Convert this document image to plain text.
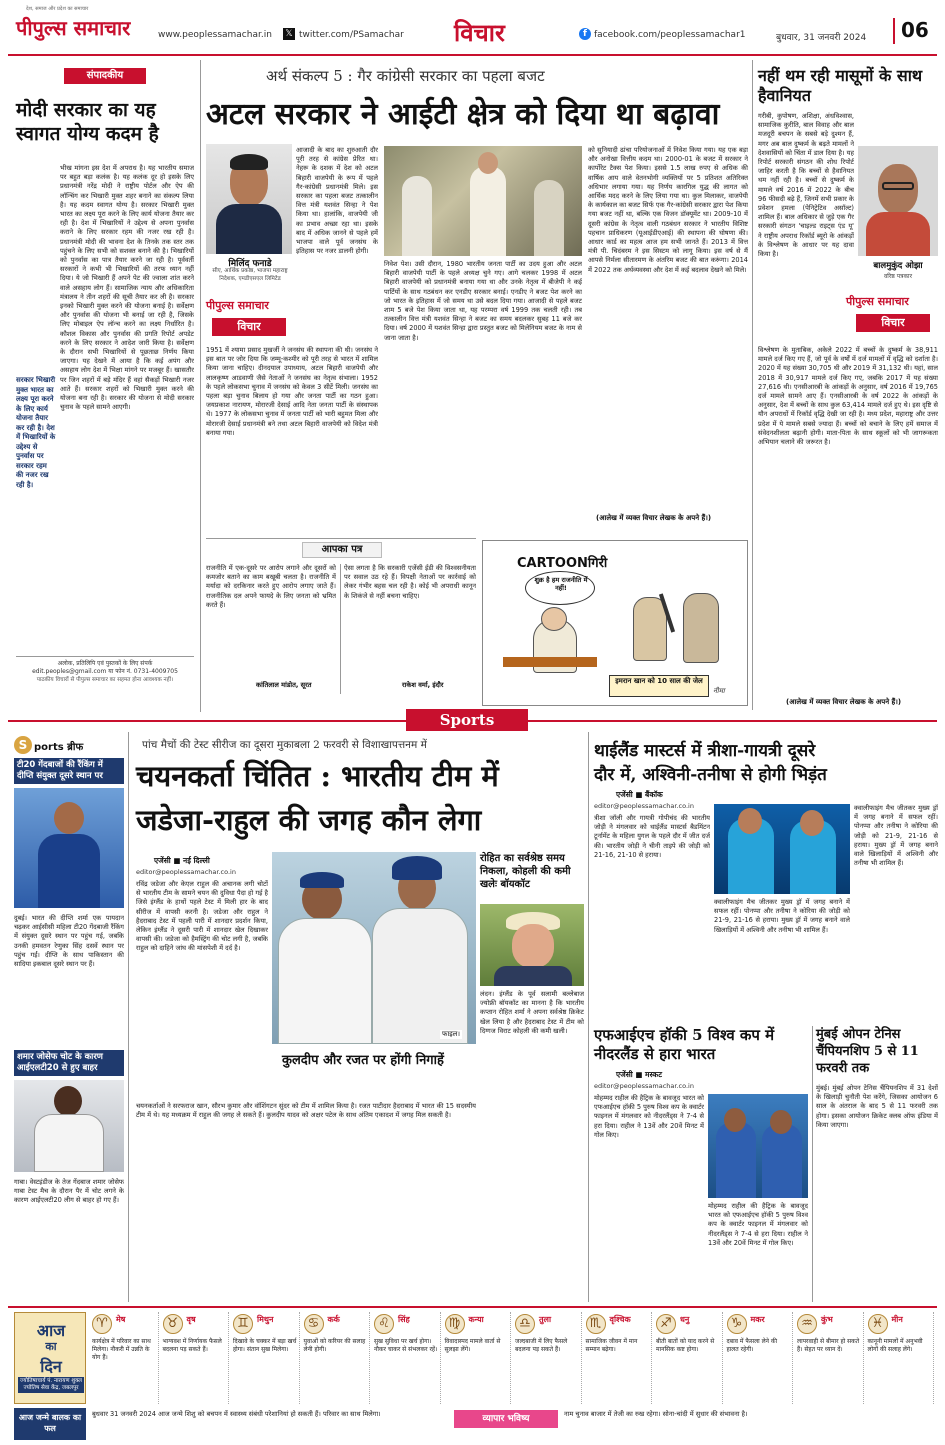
देश, समाज और प्रदेश का समाचार
पीपुल्स समाचार	www.peoplessamachar.in 𝕏 twitter.com/PSamachar विचार	f facebook.com/peoplessamachar1	बुधवार, 31 जनवरी 2024	06
संपादकीय
मोदी सरकार का यह स्वागत योग्य कदम है
भीख मांगना इस देश में अपराध है। यह भारतीय समाज पर बहुत बड़ा कलंक है। यह कलंक दूर हो इसके लिए प्रधानमंत्री नरेंद्र मोदी ने राष्ट्रीय पोर्टल और ऐप की लॉन्चिंग कर भिखारी मुक्त शहर बनाने का संकल्प लिया है। यह कदम स्वागत योग्य है। सरकार भिखारी मुक्त भारत का लक्ष्य पूरा करने के लिए कार्य योजना तैयार कर रही है। देश में भिखारियों ने उद्देश्य से अपना पुनर्वास कराने के लिए सरकार रहम की नजर रख रही है। प्रधानमंत्री मोदी की भावना देश के तिनके तक स्तर तक पहुंचने के लिए सभी को सशक्त बनाने की है। भिखारियों को पुनर्वास का पात्र तैयार करने जा रही है। पूर्ववर्ती सरकारों ने कभी भी भिखारियों की तरफ ध्यान नहीं दिया। ये जो भिखारी हैं अपने पेट की ज्वाला शांत करने वाले असहाय लोग हैं। सामाजिक न्याय और अधिकारिता मंत्रालय ने तीन शहरों की सूची तैयार कर ली है। सरकार इनको भिखारी मुक्त करने की योजना बनाई है। सर्वेक्षण और पुनर्वास की योजना भी बनाई जा रही है, जिसके लिए मोबाइल ऐप लॉन्च करने का लक्ष्य निर्धारित है। कौशल विकास और पुनर्वास की प्रगति रिपोर्ट अपडेट करने के लिए सरकार ने आदेश जारी किया है। सर्वेक्षण के दौरान सभी भिखारियों से पूछताछ निर्णय किया जाएगा। यह देखने में आया है कि कई अपंग और असहाय लोग देश में भिक्षा मांगने पर मजबूर हैं। खासतौर पर जिन शहरों में बड़े मंदिर हैं वहां सैकड़ों भिखारी नजर आते हैं। सरकार शहरों को भिखारी मुक्त करने की योजना बना रही है। सरकार की योजना से मोदी सरकार चुनाव के पहले सामने आएगी।
सरकार भिखारी मुक्त भारत का लक्ष्य पूरा करने के लिए कार्य योजना तैयार कर रही है। देश में भिखारियों के उद्देश्य से पुनर्वास पर सरकार रहम की नजर रख रही है।
अलोक, प्रतिलिपि एवं पुस्तकों के लिए संपर्क
edit.peoples@gmail.com या फोन नं. 0731-4009705
पाठकीय विचारों से पीपुल्स समाचार का सहमत होना आवश्यक नहीं।
अर्थ संकल्प 5 : गैर कांग्रेसी सरकार का पहला बजट
अटल सरकार ने आईटी क्षेत्र को दिया था बढ़ावा
मिलिंद फनाडे
सीए, आर्थिक प्रकोष्ठ, भाजपा महाराष्ट्र निदेशक, एमडीएसएल लिमिटेड
पीपुल्स समाचार
विचार
आजादी के बाद का शुरुआती दौर पूरी तरह से कांग्रेस प्रेरित था। नेहरू के दशक में देश को अटल बिहारी वाजपेयी के रूप में पहले गैर-कांग्रेसी प्रधानमंत्री मिले। इस सरकार का पहला बजट तत्कालीन वित्त मंत्री यशवंत सिन्हा ने पेश किया था। हालांकि, वाजपेयी जी का प्रभाव अच्छा रहा था। इसके बाद में अधिक जानने से पहले हमें भाजपा वाले पूर्व जनसंघ के इतिहास पर नजर डालनी होगी।
1951 में श्यामा प्रसाद मुखर्जी ने जनसंघ की स्थापना की थी। जनसंघ ने इस बात पर जोर दिया कि जम्मू-कश्मीर को पूरी तरह से भारत में शामिल किया जाना चाहिए। दीनदयाल उपाध्याय, अटल बिहारी वाजपेयी और लालकृष्ण आडवाणी जैसे नेताओं ने जनसंघ का नेतृत्व संभाला। 1952 के पहले लोकसभा चुनाव में जनसंघ को केवल 3 सीटें मिली। जनसंघ का पहला बड़ा चुनाव बिलाय हो गया और जनता पार्टी का गठन हुआ। जयप्रकाश नारायण, मोरारजी देसाई आदि नेता जनता पार्टी के संस्थापक थे। 1977 के लोकसभा चुनाव में जनता पार्टी को भारी बहुमत मिला और मोरारजी देसाई प्रधानमंत्री बने तथा अटल बिहारी वाजपेयी को विदेश मंत्री बनाया गया।
निवेश पेश। उसी दौरान, 1980 भारतीय जनता पार्टी का उदय हुआ और अटल बिहारी वाजपेयी पार्टी के पहले अध्यक्ष चुने गए। आगे चलकर 1998 में अटल बिहारी वाजपेयी को प्रधानमंत्री बनाया गया था और उनके नेतृत्व में बीजेपी ने कई पार्टियों के साथ गठबंधन कर एनडीए सरकार बनाई। एनडीए ने बजट पेश करने का जो भारत के इतिहास में जो समय था उसे बदल दिया गया। आजादी से पहले बजट शाम 5 बजे पेश किया जाता था, यह परम्परा वर्ष 1999 तक चलती रही। तब तत्कालीन वित्त मंत्री यशवंत सिन्हा ने बजट का समय बदलकर सुबह 11 बजे कर दिया। वर्ष 2000 में यशवंत सिन्हा द्वारा प्रस्तुत बजट को मिलेनियम बजट के नाम से जाना जाता है।
को सुनियादी ढांचा परियोजनाओं में निवेश किया गया। यह एक बड़ा और अनोखा वित्तीय कदम था। 2000-01 के बजट में सरकार ने कार्पोरेट टैक्स पेश किया। इससे 1.5 लाख रुपए से अधिक की वार्षिक आय वाले वेतनभोगी व्यक्तियों पर 5 प्रतिशत अतिरिक्त अधिभार लगाया गया। यह निर्णय कारगिल युद्ध की लागत को आर्थिक मदद करने के लिए लिया गया था। कुल मिलाकर, वाजपेयी के कार्यकाल का बजट सिर्फ एक गैर-कांग्रेसी सरकार द्वारा पेश किया गया बजट नहीं था, बल्कि एक विजन डॉक्यूमेंट था। 2009-10 में दूसरी कांग्रेस के नेतृत्व वाली गठबंधन सरकार ने भारतीय विशिष्ट पहचान प्राधिकरण (यूआईडीएआई) की स्थापना की घोषणा की। आधार कार्ड का महत्व आज हम सभी जानते हैं। 2013 में वित्त मंत्री पी. चिदंबरम ने इस सिस्टम को लागू किया। इस वर्ष से मैं आपसे निर्मला सीतारमण के अंतरिम बजट की बात करूंगा। 2014 में 2022 तक अर्थव्यवस्था और देश में कई बदलाव देखने को मिले।
(आलेख में व्यक्त विचार लेखक के अपने हैं।)
नहीं थम रही मासूमों के साथ हैवानियत
गरीबी, कुपोषण, अशिक्षा, अंधविश्वास, सामाजिक कुरीति, बाल विवाह और बाल मजदूरी बचपन के सबसे बड़े दुश्मन हैं, मगर अब बाल दुष्कर्म के बढ़ते मामलों ने देशवासियों को चिंता में डाल दिया है। यह रिपोर्ट सरकारी संगठन की शोध रिपोर्ट जाहिर करती है कि बच्चों से हैवानियत थम नहीं रही है। बच्चों से दुष्कर्म के मामले वर्ष 2016 में 2022 के बीच 96 फीसदी बढ़े हैं, जिनमें सभी प्रकार के प्रवेशन हमला (पेनिट्रेटिव असॉल्ट) शामिल हैं। बाल अधिकार से जुड़े एक गैर सरकारी संगठन 'चाइल्ड राइट्स एंड यू' ने राष्ट्रीय अपराध रिकॉर्ड ब्यूरो के आंकड़ों के विश्लेषण के आधार पर यह दावा किया है।
बालमुकुंद ओझा
वरिष्ठ पत्रकार
पीपुल्स समाचार
विचार
विश्लेषण के मुताबिक, अकेले 2022 में बच्चों के दुष्कर्म के 38,911 मामले दर्ज किए गए हैं, जो पूर्व के वर्षों में दर्ज मामलों में वृद्धि को दर्शाता है। 2020 में यह संख्या 30,705 थी और 2019 में 31,132 थी। यहां, साल 2018 में 30,917 मामले दर्ज किए गए, जबकि 2017 में यह संख्या 27,616 थी। एनसीआरबी के आंकड़ों के अनुसार, वर्ष 2016 में 19,765 दर्ज मामले सामने आए हैं। एनसीआरबी के वर्ष 2022 के आंकड़ों के अनुसार, देश में बच्चों के साथ कुल 63,414 मामले दर्ज हुए थे। इस दृष्टि से यौन अपराधों में रिकॉर्ड वृद्धि देखी जा रही है। मध्य प्रदेश, महाराष्ट्र और उत्तर प्रदेश में ये मामले सबसे ज्यादा हैं। बच्चों को बचाने के लिए हमें समाज में संवेदनशीलता बढ़ानी होगी। माता-पिता के साथ स्कूलों को भी जागरूकता अभियान चलाने की जरूरत है।
(आलेख में व्यक्त विचार लेखक के अपने हैं।)
आपका पत्र
राजनीति में एक-दूसरे पर आरोप लगाने और दूसरों को कमजोर बताने का काम बखूबी चलता है। राजनीति में मर्यादा को दरकिनार करते हुए आरोप लगाए जाते हैं। राजनीतिक दल अपने फायदे के लिए जनता को भ्रमित करते हैं।
कांतिलाल मांडोत, सूरत
ऐसा लगता है कि सरकारी एजेंसी ईडी की विश्वसनीयता पर सवाल उठ रहे हैं। विपक्षी नेताओं पर कार्रवाई को लेकर गंभीर बहस चल रही है। कोई भी अपराधी कानून के शिकंजे से नहीं बचना चाहिए।
राकेश वर्मा, इंदौर
CARTOONगिरी
शुक्र है हम राजनीति में नहीं!
इमरान खान को 10 साल की जेल
नीमा
Sports
S ports ब्रीफ
टी20 गेंदबाजों की रैंकिंग में दीप्ति संयुक्त दूसरे स्थान पर
दुबई। भारत की दीप्ति शर्मा एक पायदान चढ़कर आईसीसी महिला टी20 गेंदबाजी रैंकिंग में संयुक्त दूसरे स्थान पर पहुंच गई, जबकि उनकी हमवतन रेणुका सिंह दसवें स्थान पर पहुंच गईं। दीप्ति के साथ पाकिस्तान की सादिया इकबाल दूसरे स्थान पर हैं।
शमार जोसेफ चोट के कारण आईएलटी20 से हुए बाहर
गाबा। वेस्टइंडीज के तेज गेंदबाज शमार जोसेफ गाबा टेस्ट मैच के दौरान पैर में चोट लगने के कारण आईएलटी20 लीग से बाहर हो गए हैं।
पांच मैचों की टेस्ट सीरीज का दूसरा मुकाबला 2 फरवरी से विशाखापत्तनम में
चयनकर्ता चिंतित : भारतीय टीम में
जडेजा-राहुल की जगह कौन लेगा
एजेंसी ■ नई दिल्ली
editor@peoplessamachar.co.in
रविंद्र जडेजा और केएल राहुल की अचानक लगी चोटों से भारतीय टीम के सामने चयन की दुविधा पैदा हो गई है जिसे इंग्लैंड के हाथों पहले टेस्ट में मिली हार के बाद सीरीज में वापसी करनी है। जडेजा और राहुल ने हैदराबाद टेस्ट में पहली पारी में शानदार प्रदर्शन किया, लेकिन इंग्लैंड ने दूसरी पारी में शानदार खेल दिखाकर वापसी की। जडेजा को हैमस्ट्रिंग की चोट लगी है, जबकि राहुल को दाहिने जांघ की मांसपेशी में दर्द है।
फाइल।
रोहित का सर्वश्रेष्ठ समय निकला, कोहली की कमी खलेः बॉयकॉट
लंदन। इंग्लैंड के पूर्व सलामी बल्लेबाज ज्योफ्री बॉयकॉट का मानना है कि भारतीय कप्तान रोहित शर्मा ने अपना सर्वश्रेष्ठ क्रिकेट खेल लिया है और हैदराबाद टेस्ट में टीम को दिग्गज विराट कोहली की कमी खली।
कुलदीप और रजत पर होंगी निगाहें
चयनकर्ताओं ने सरफराज खान, सौरभ कुमार और वॉशिंगटन सुंदर को टीम में शामिल किया है। रजत पाटीदार हैदराबाद में भारत की 15 सदस्यीय टीम में थे। यह मध्यक्रम में राहुल की जगह ले सकते हैं। कुलदीप यादव को अक्षर पटेल के साथ अंतिम एकादश में जगह मिल सकती है।
थाईलैंड मास्टर्स में त्रीशा-गायत्री दूसरे
दौर में, अश्विनी-तनीषा से होगी भिड़ंत
एजेंसी ■ बैंकॉक
editor@peoplessamachar.co.in
त्रीशा जॉली और गायत्री गोपीचंद की भारतीय जोड़ी ने मंगलवार को थाईलैंड मास्टर्स बैडमिंटन टूर्नामेंट के महिला युगल के पहले दौर में जीत दर्ज की। भारतीय जोड़ी ने चीनी ताइपे की जोड़ी को 21-16, 21-10 से हराया।
क्वालीफाइंग मैच जीतकर मुख्य ड्रॉ में जगह बनाने में सफल रहीं। पोनप्पा और तनीषा ने कोरिया की जोड़ी को 21-9, 21-16 से हराया। मुख्य ड्रॉ में जगह बनाने वाले खिलाड़ियों में अश्विनी और तनीषा भी शामिल हैं।
क्वालीफाइंग मैच जीतकर मुख्य ड्रॉ में जगह बनाने में सफल रहीं। पोनप्पा और तनीषा ने कोरिया की जोड़ी को 21-9, 21-16 से हराया। मुख्य ड्रॉ में जगह बनाने वाले खिलाड़ियों में अश्विनी और तनीषा भी शामिल हैं।
एफआईएच हॉकी 5 विश्व कप में नीदरलैंड से हारा भारत
एजेंसी ■ मस्कट
editor@peoplessamachar.co.in
मोहम्मद राहील की हैट्रिक के बावजूद भारत को एफआईएच हॉकी 5 पुरुष विश्व कप के क्वार्टर फाइनल में मंगलवार को नीदरलैंड्स ने 7-4 से हरा दिया। राहील ने 13वें और 20वें मिनट में गोल किए।
मोहम्मद राहील की हैट्रिक के बावजूद भारत को एफआईएच हॉकी 5 पुरुष विश्व कप के क्वार्टर फाइनल में मंगलवार को नीदरलैंड्स ने 7-4 से हरा दिया। राहील ने 13वें और 20वें मिनट में गोल किए।
मुंबई ओपन टेनिस चैंपियनशिप 5 से 11 फरवरी तक
मुंबई। मुंबई ओपन टेनिस चैंपियनशिप में 31 देशों के खिलाड़ी चुनौती पेश करेंगे, जिसका आयोजन 6 साल के अंतराल के बाद 5 से 11 फरवरी तक होगा। इसका आयोजन क्रिकेट क्लब ऑफ इंडिया में किया जाएगा।
आज
का
दिन
ज्योतिषाचार्य पं. नारायण शुक्ल ज्योतिष सेवा केंद्र, जबलपुर
♈	मेष
कार्यक्षेत्र में परिवार का साथ मिलेगा। नौकरी में उन्नति के योग हैं।
♉	वृष
भाग्यवश में निर्णायक फैसले बदलना पड़ सकते हैं।
♊	मिथुन
दिखावे के चक्कर में बड़ा खर्च होगा। संतान सुख मिलेगा।
♋	कर्क
युवाओं को करियर की सलाह लेनी होगी।
♌	सिंह
सुख सुविधा पर खर्च होगा। नौकर चाकर से संभलकर रहें।
♍	कन्या
विवादास्पद मामले वार्ता से सुलझा लेंगे।
♎	तुला
जल्दबाजी में लिए फैसले बदलना पड़ सकते हैं।
♏	वृश्चिक
सामाजिक जीवन में मान सम्मान बढ़ेगा।
♐	धनु
बीती बातों को याद करने से मानसिक कष्ट होगा।
♑	मकर
दबाव में फैसला लेने की हालत रहेगी।
♒	कुंभ
लापरवाही से बीमार हो सकते हैं। सेहत पर ध्यान दें।
♓	मीन
कानूनी मामलों में अनुभवी लोगों की सलाह लेंगे।
आज जन्मे बालक का फल
बुधवार 31 जनवरी 2024 आज जन्मे शिशु को बचपन में स्वास्थ्य संबंधी परेशानियां हो सकती हैं। परिवार का साथ मिलेगा।	व्यापार भविष्य	नाम चुनाव बाजार में तेजी का रुख रहेगा। सोना-चांदी में सुधार की संभावना है।
